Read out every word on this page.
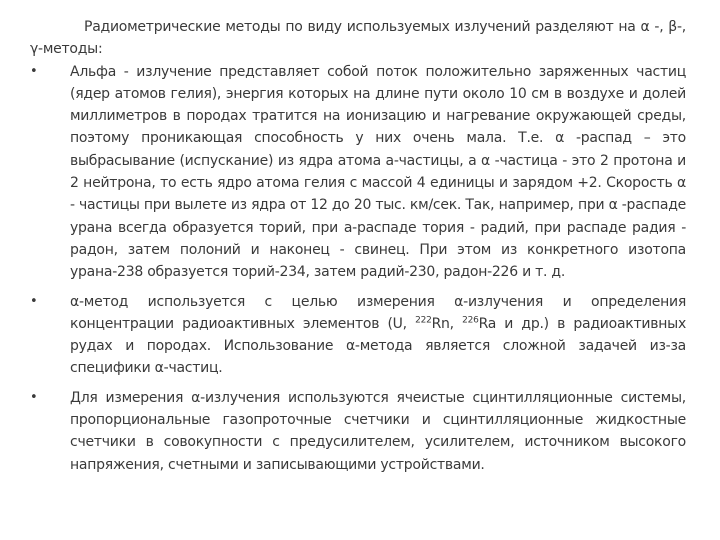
Радиометрические методы по виду используемых излучений разделяют на α -, β-, γ-методы:

•	Альфа - излучение представляет собой поток положительно заряженных частиц (ядер атомов гелия), энергия которых на длине пути около 10 см в воздухе и долей миллиметров в породах тратится на ионизацию и нагревание окружающей среды, поэтому проникающая способность у них очень мала. Т.е. α -распад – это выбрасывание (испускание) из ядра атома а-частицы, а α -частица - это 2 протона и 2 нейтрона, то есть ядро атома гелия с массой 4 единицы и зарядом +2. Скорость α - частицы при вылете из ядра от 12 до 20 тыс. км/сек. Так, например, при α -распаде урана всегда образуется торий, при а-распаде тория - радий, при распаде радия - радон, затем полоний и наконец - свинец. При этом из конкретного изотопа урана-238 образуется торий-234, затем радий-230, радон-226 и т. д.
•	α-метод используется с целью измерения α-излучения и определения концентрации радиоактивных элементов (U, $^{222}$Rn, $^{226}$Ra и др.) в радиоактивных рудах и породах. Использование α-метода является сложной задачей из-за специфики α-частиц.
•	Для измерения α-излучения используются ячеистые сцинтилляционные системы, пропорциональные газопроточные счетчики и сцинтилляционные жидкостные счетчики в совокупности с предусилителем, усилителем, источником высокого напряжения, счетными и записывающими устройствами.
